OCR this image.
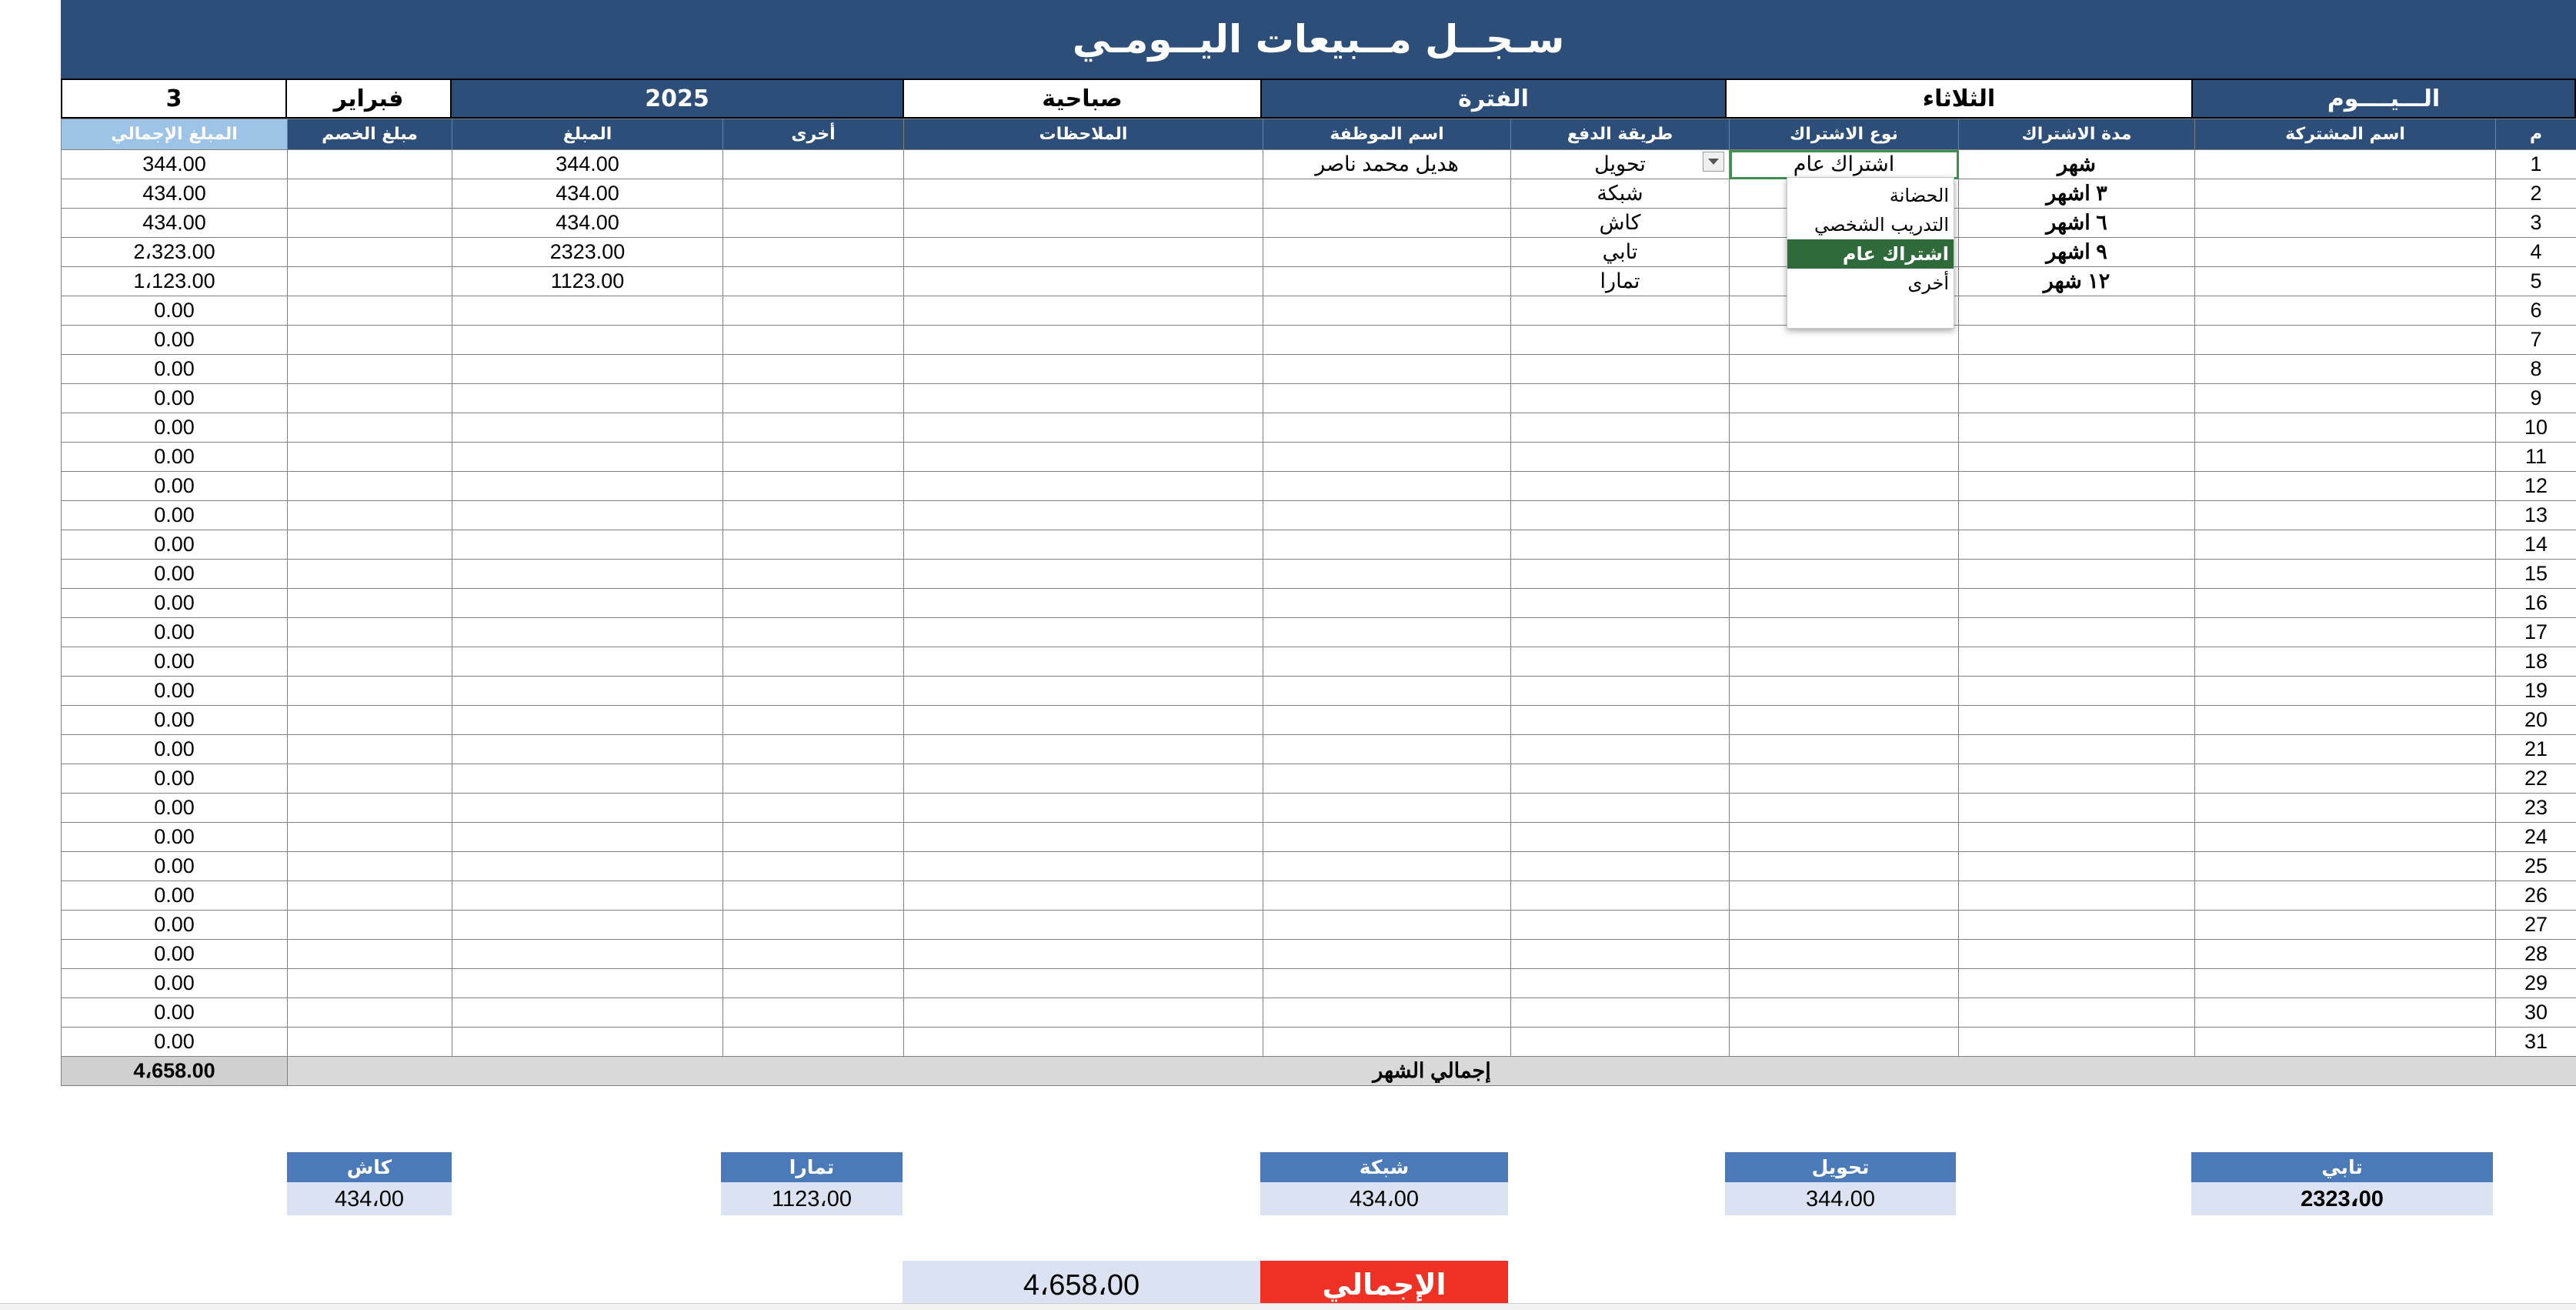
سـجــل مــبيعات اليــومـي
3	فبراير	2025	صباحية	الفترة	الثلاثاء	الـــيــــوم
المبلغ الإجمالي	مبلغ الخصم	المبلغ	أخرى	الملاحظات	اسم الموظفة	طريقة الدفع	نوع الاشتراك	مدة الاشتراك	اسم المشتركة	م
344.00		344.00			هديل محمد ناصر	تحويل	اشتراك عام	شهر		1
434.00		434.00				شبكة		٣ اشهر		2
434.00		434.00				كاش		٦ اشهر		3
2،323.00		2323.00				تابي		٩ اشهر		4
1،123.00		1123.00				تمارا		١٢ شهر		5
0.00										6
0.00										7
0.00										8
0.00										9
0.00										10
0.00										11
0.00										12
0.00										13
0.00										14
0.00										15
0.00										16
0.00										17
0.00										18
0.00										19
0.00										20
0.00										21
0.00										22
0.00										23
0.00										24
0.00										25
0.00										26
0.00										27
0.00										28
0.00										29
0.00										30
0.00										31
4،658.00	إجمالي الشهر									
الحضانة
التدريب الشخصي
اشتراك عام
أخرى
تابي
2323،00
تحويل
344،00
شبكة
434،00
تمارا
1123،00
كاش
434،00
الإجمالي
4،658،00
